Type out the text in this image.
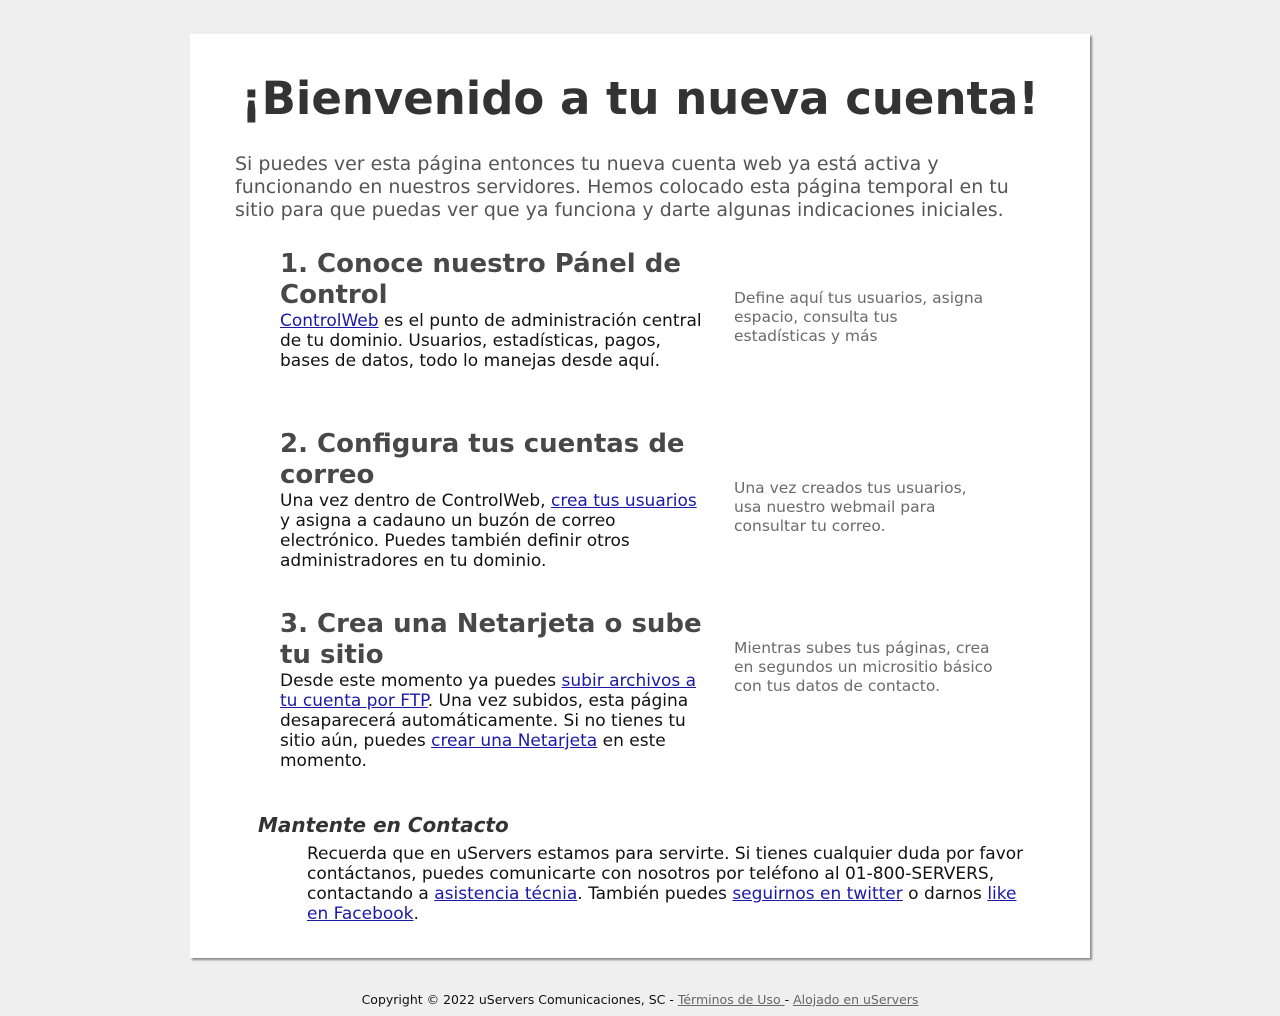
¡Bienvenido a tu nueva cuenta!

Si puedes ver esta página entonces tu nueva cuenta web ya está activa y funcionando en nuestros servidores. Hemos colocado esta página temporal en tu sitio para que puedas ver que ya funciona y darte algunas indicaciones iniciales.

1. Conoce nuestro Pánel de Control

ControlWeb es el punto de administración central de tu dominio. Usuarios, estadísticas, pagos, bases de datos, todo lo manejas desde aquí.

Define aquí tus usuarios, asigna espacio, consulta tus estadísticas y más

2. Configura tus cuentas de correo

Una vez dentro de ControlWeb, crea tus usuarios y asigna a cadauno un buzón de correo electrónico. Puedes también definir otros administradores en tu dominio.

Una vez creados tus usuarios, usa nuestro webmail para consultar tu correo.

3. Crea una Netarjeta o sube tu sitio

Desde este momento ya puedes subir archivos a tu cuenta por FTP. Una vez subidos, esta página desaparecerá automáticamente. Si no tienes tu sitio aún, puedes crear una Netarjeta en este momento.

Mientras subes tus páginas, crea en segundos un micrositio básico con tus datos de contacto.

Mantente en Contacto

Recuerda que en uServers estamos para servirte. Si tienes cualquier duda por favor contáctanos, puedes comunicarte con nosotros por teléfono al 01-800-SERVERS, contactando a asistencia técnia. También puedes seguirnos en twitter o darnos like en Facebook.

Copyright © 2022 uServers Comunicaciones, SC - Términos de Uso - Alojado en uServers
